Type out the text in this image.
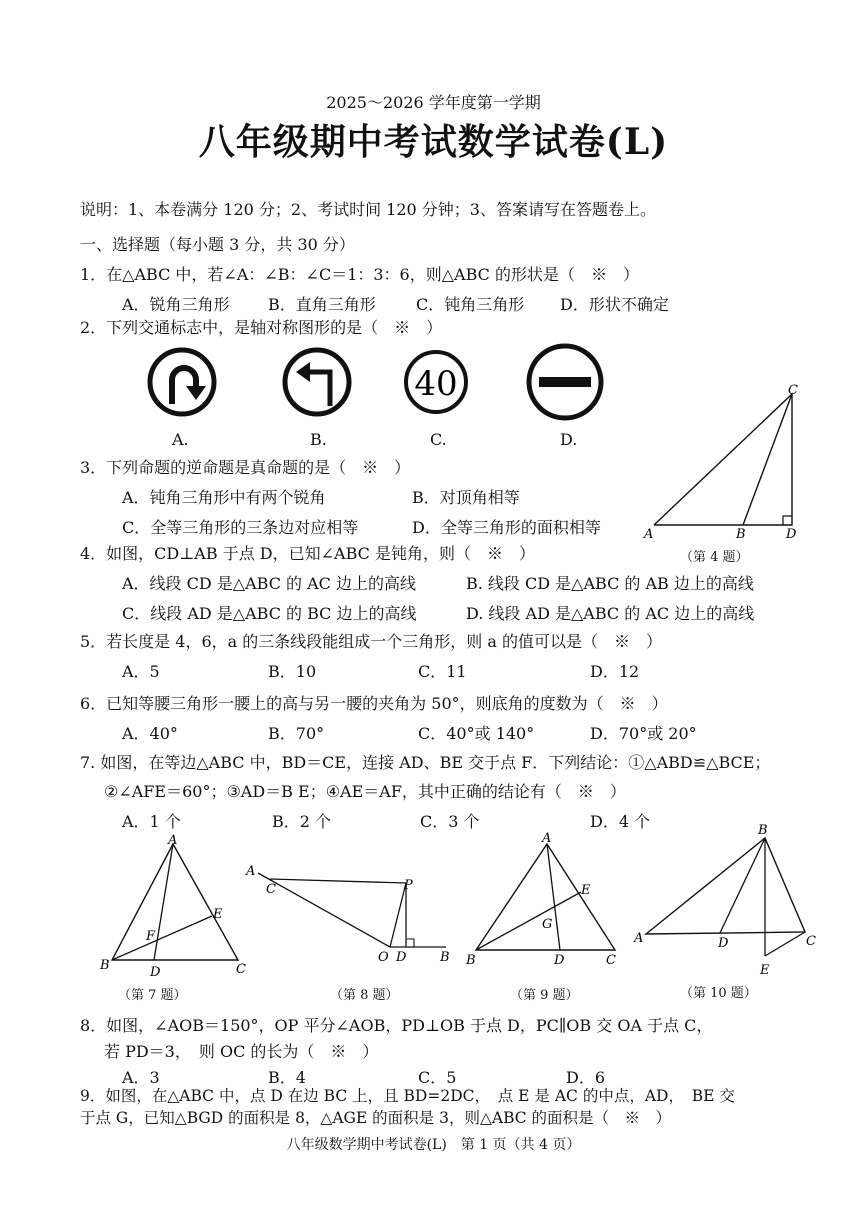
2025～2026 学年度第一学期
八年级期中考试数学试卷(L)
说明：1、本卷满分 120 分；2、考试时间 120 分钟；3、答案请写在答题卷上。
一、选择题（每小题 3 分，共 30 分）
1．在△ABC 中，若∠A：∠B：∠C＝1：3：6，则△ABC 的形状是（　※　）
A．锐角三角形 B．直角三角形	C．钝角三角形 D．形状不确定
2．下列交通标志中，是轴对称图形的是（　※　）
40
A.	B.	C.	D.
A	B
C
D
（第 4 题）
3．下列命题的逆命题是真命题的是（　※　）
A．钝角三角形中有两个锐角	B．对顶角相等
C．全等三角形的三条边对应相等	D．全等三角形的面积相等
4．如图，CD⊥AB 于点 D，已知∠ABC 是钝角，则（　※　）
A．线段 CD 是△ABC 的 AC 边上的高线	B. 线段 CD 是△ABC 的 AB 边上的高线
C．线段 AD 是△ABC 的 BC 边上的高线	D. 线段 AD 是△ABC 的 AC 边上的高线
5．若长度是 4，6，a 的三条线段能组成一个三角形，则 a 的值可以是（　※　）
A．5	B．10	C．11	D．12
6．已知等腰三角形一腰上的高与另一腰的夹角为 50°，则底角的度数为（　※　）
A．40°	B．70°	C．40°或 140°	D．70°或 20°
7. 如图，在等边△ABC 中，BD＝CE，连接 AD、BE 交于点 F．下列结论：①△ABD≌△BCE；
②∠AFE＝60°；③AD＝B E；④AE＝AF，其中正确的结论有（　※　）
A．1 个	B．2 个	C．3 个	D．4 个
A
B	C
D
E
F
（第 7 题）
A
C	P
O D	B
（第 8 题）
A
B	C
D
E
G
（第 9 题）
A
B
C
D
E
（第 10 题）
8．如图，∠AOB＝150°，OP 平分∠AOB，PD⊥OB 于点 D，PC∥OB 交 OA 于点 C，
若 PD＝3，　则 OC 的长为（　※　）
A．3	B．4	C．5	D．6
9．如图，在△ABC 中，点 D 在边 BC 上，且 BD=2DC，　点 E 是 AC 的中点，AD，　BE 交
于点 G，已知△BGD 的面积是 8，△AGE 的面积是 3，则△ABC 的面积是（　※　）
八年级数学期中考试卷(L)　第 1 页（共 4 页）
